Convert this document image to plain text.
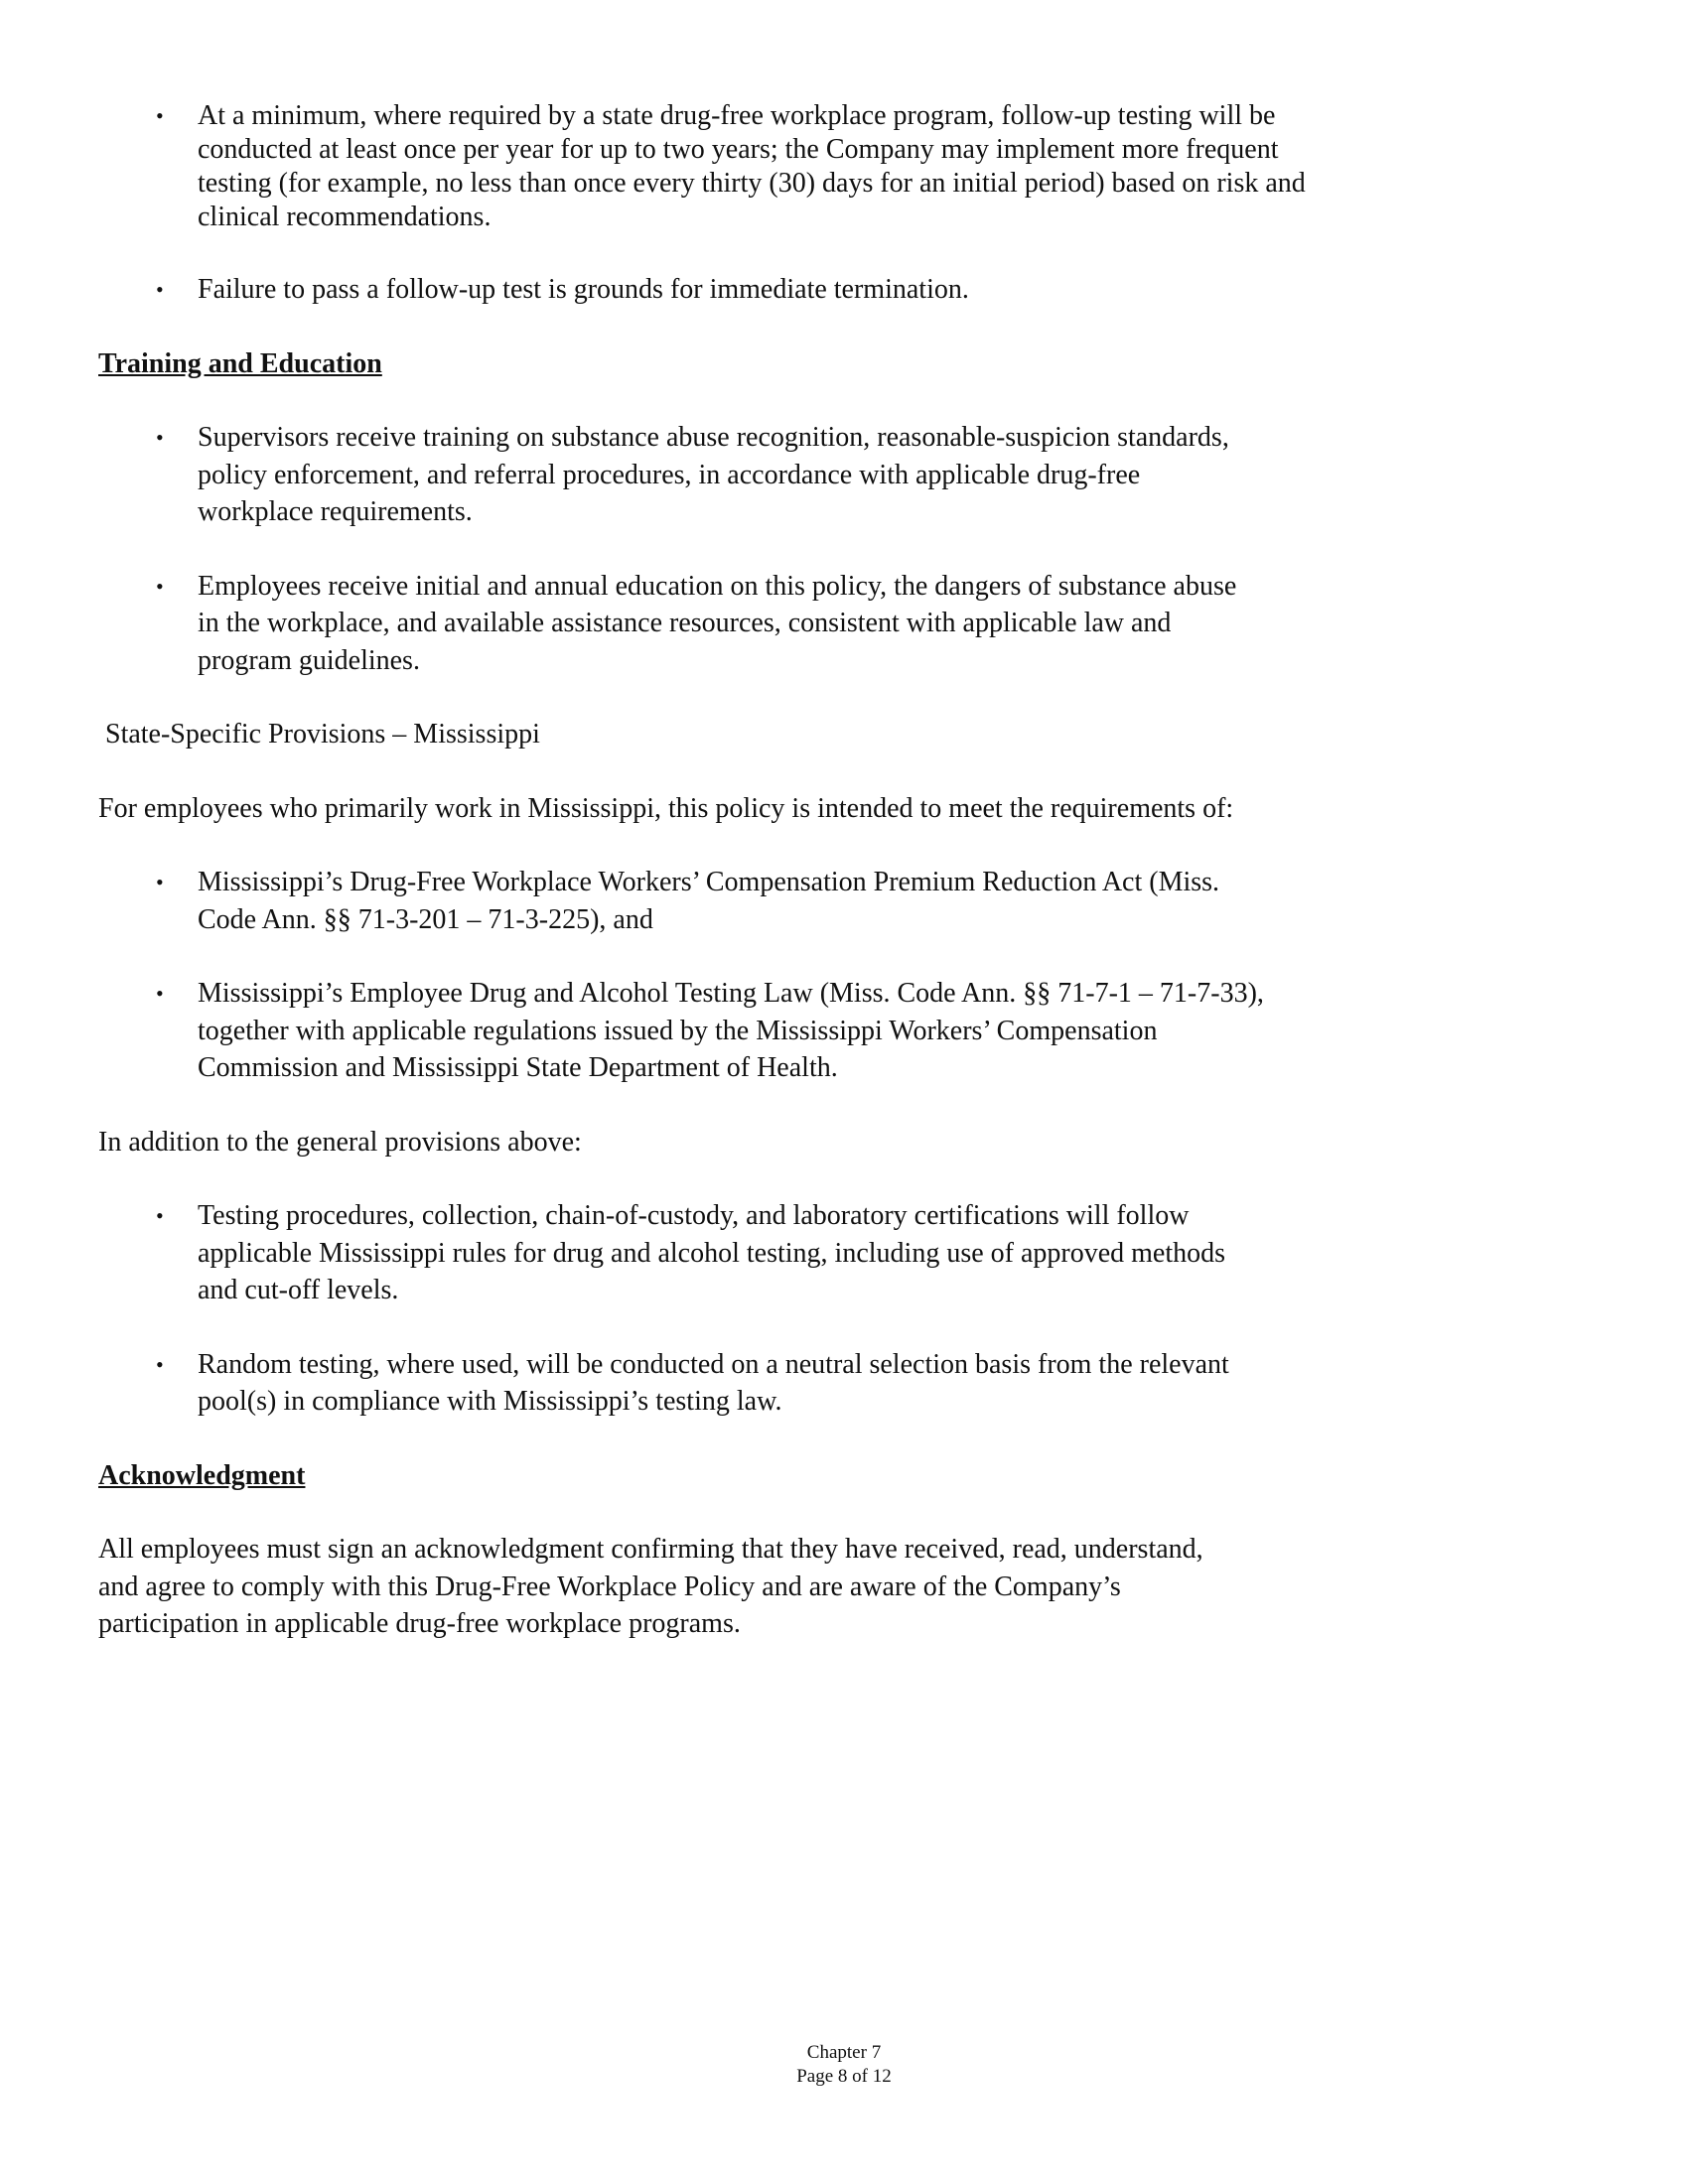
•	At a minimum, where required by a state drug-free workplace program, follow-up testing will be
conducted at least once per year for up to two years; the Company may implement more frequent
testing (for example, no less than once every thirty (30) days for an initial period) based on risk and
clinical recommendations.
•	Failure to pass a follow-up test is grounds for immediate termination.
Training and Education
•	Supervisors receive training on substance abuse recognition, reasonable-suspicion standards,
policy enforcement, and referral procedures, in accordance with applicable drug-free
workplace requirements.
•	Employees receive initial and annual education on this policy, the dangers of substance abuse
in the workplace, and available assistance resources, consistent with applicable law and
program guidelines.
State-Specific Provisions – Mississippi
For employees who primarily work in Mississippi, this policy is intended to meet the requirements of:
•	Mississippi’s Drug-Free Workplace Workers’ Compensation Premium Reduction Act (Miss.
Code Ann. §§ 71-3-201 – 71-3-225), and
•	Mississippi’s Employee Drug and Alcohol Testing Law (Miss. Code Ann. §§ 71-7-1 – 71-7-33),
together with applicable regulations issued by the Mississippi Workers’ Compensation
Commission and Mississippi State Department of Health.
In addition to the general provisions above:
•	Testing procedures, collection, chain-of-custody, and laboratory certifications will follow
applicable Mississippi rules for drug and alcohol testing, including use of approved methods
and cut-off levels.
•	Random testing, where used, will be conducted on a neutral selection basis from the relevant
pool(s) in compliance with Mississippi’s testing law.
Acknowledgment
All employees must sign an acknowledgment confirming that they have received, read, understand,
and agree to comply with this Drug-Free Workplace Policy and are aware of the Company’s
participation in applicable drug-free workplace programs.
Chapter 7
Page 8 of 12
